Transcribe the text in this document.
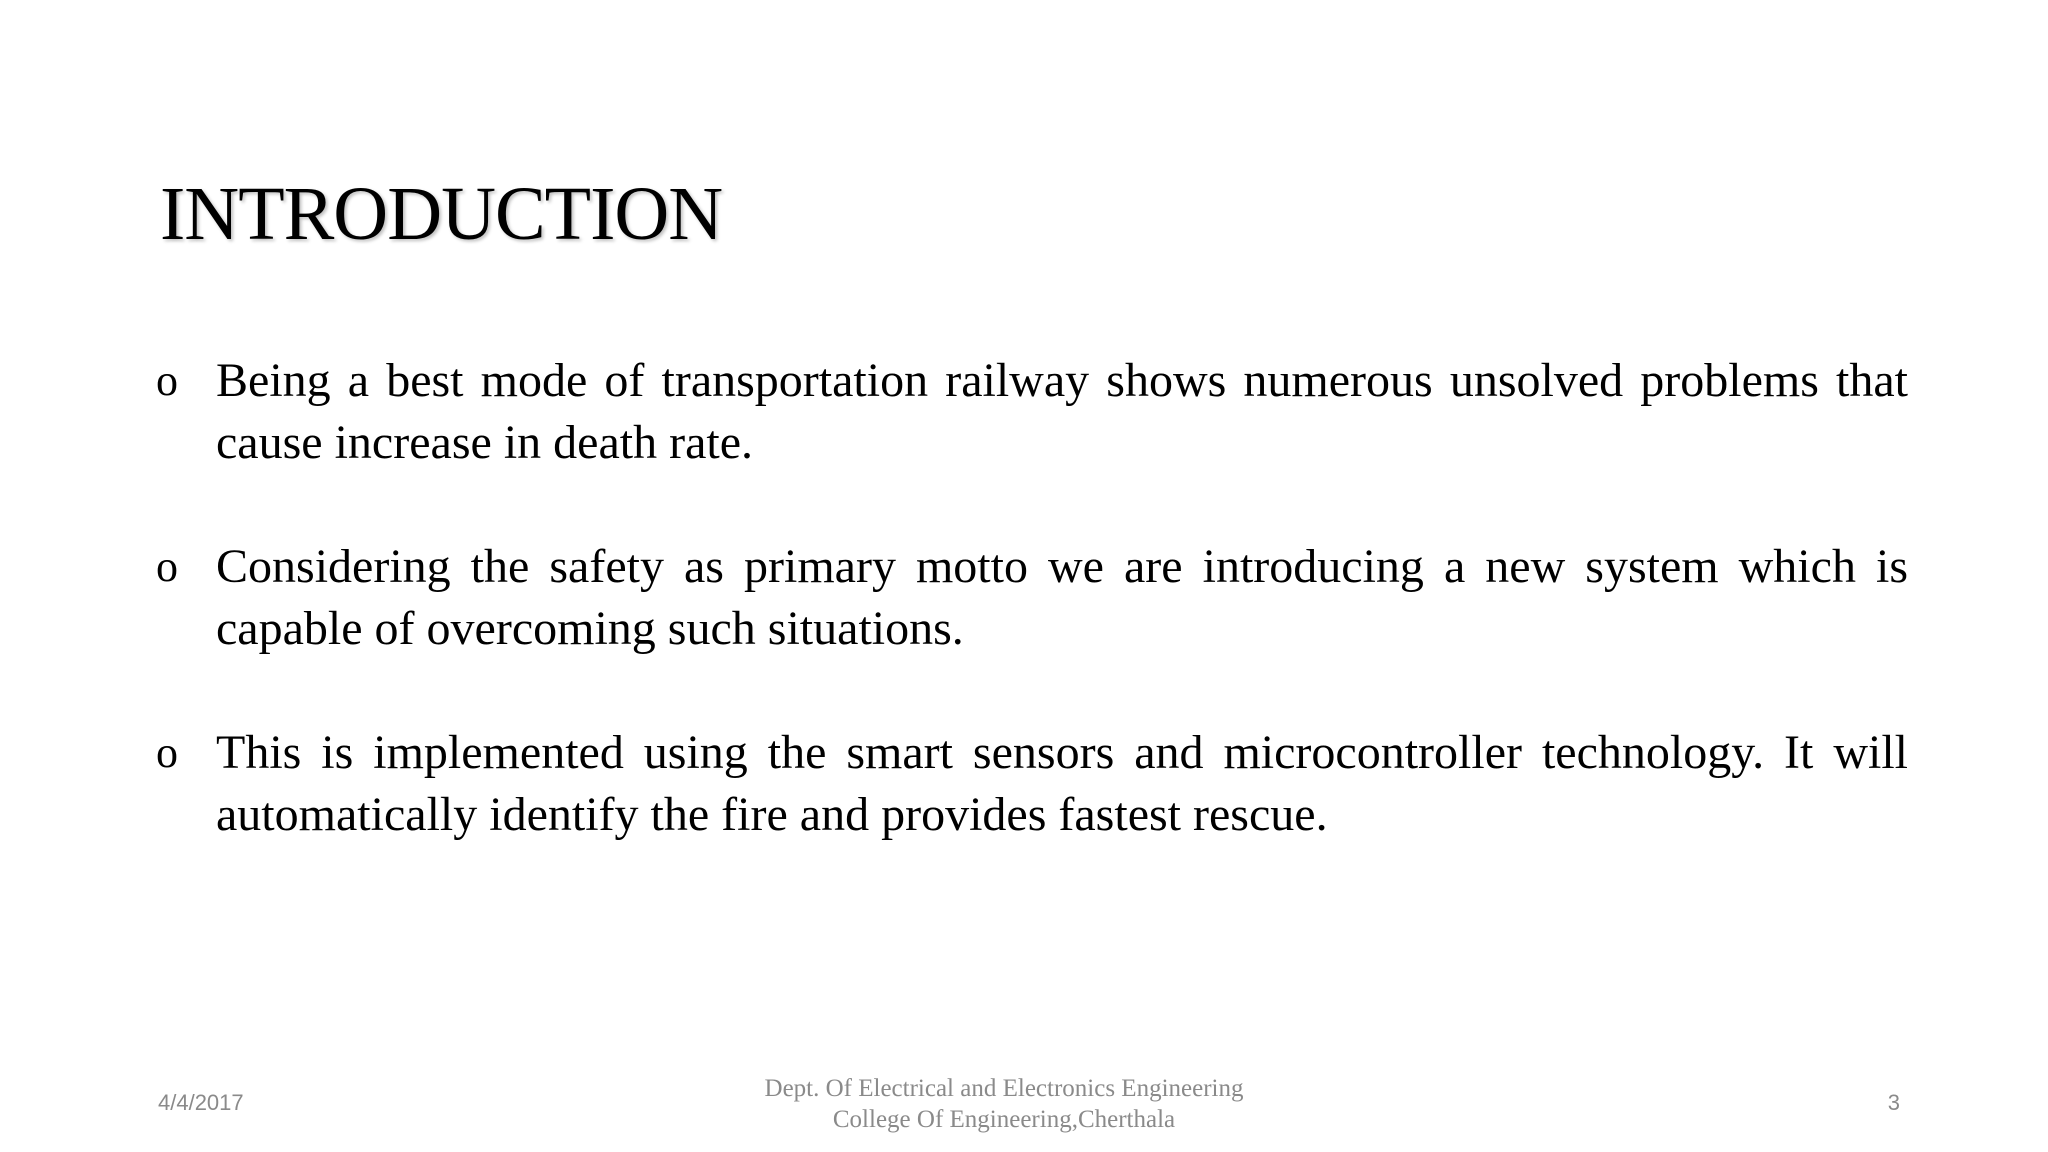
INTRODUCTION
o Being a best mode of transportation railway shows numerous unsolved problems that cause increase in death rate.
o Considering the safety as primary motto we are introducing a new system which is capable of overcoming such situations.
o This is implemented using the smart sensors and microcontroller technology. It will automatically identify the fire and provides fastest rescue.
4/4/2017
Dept. Of Electrical and Electronics Engineering
College Of Engineering,Cherthala
3
